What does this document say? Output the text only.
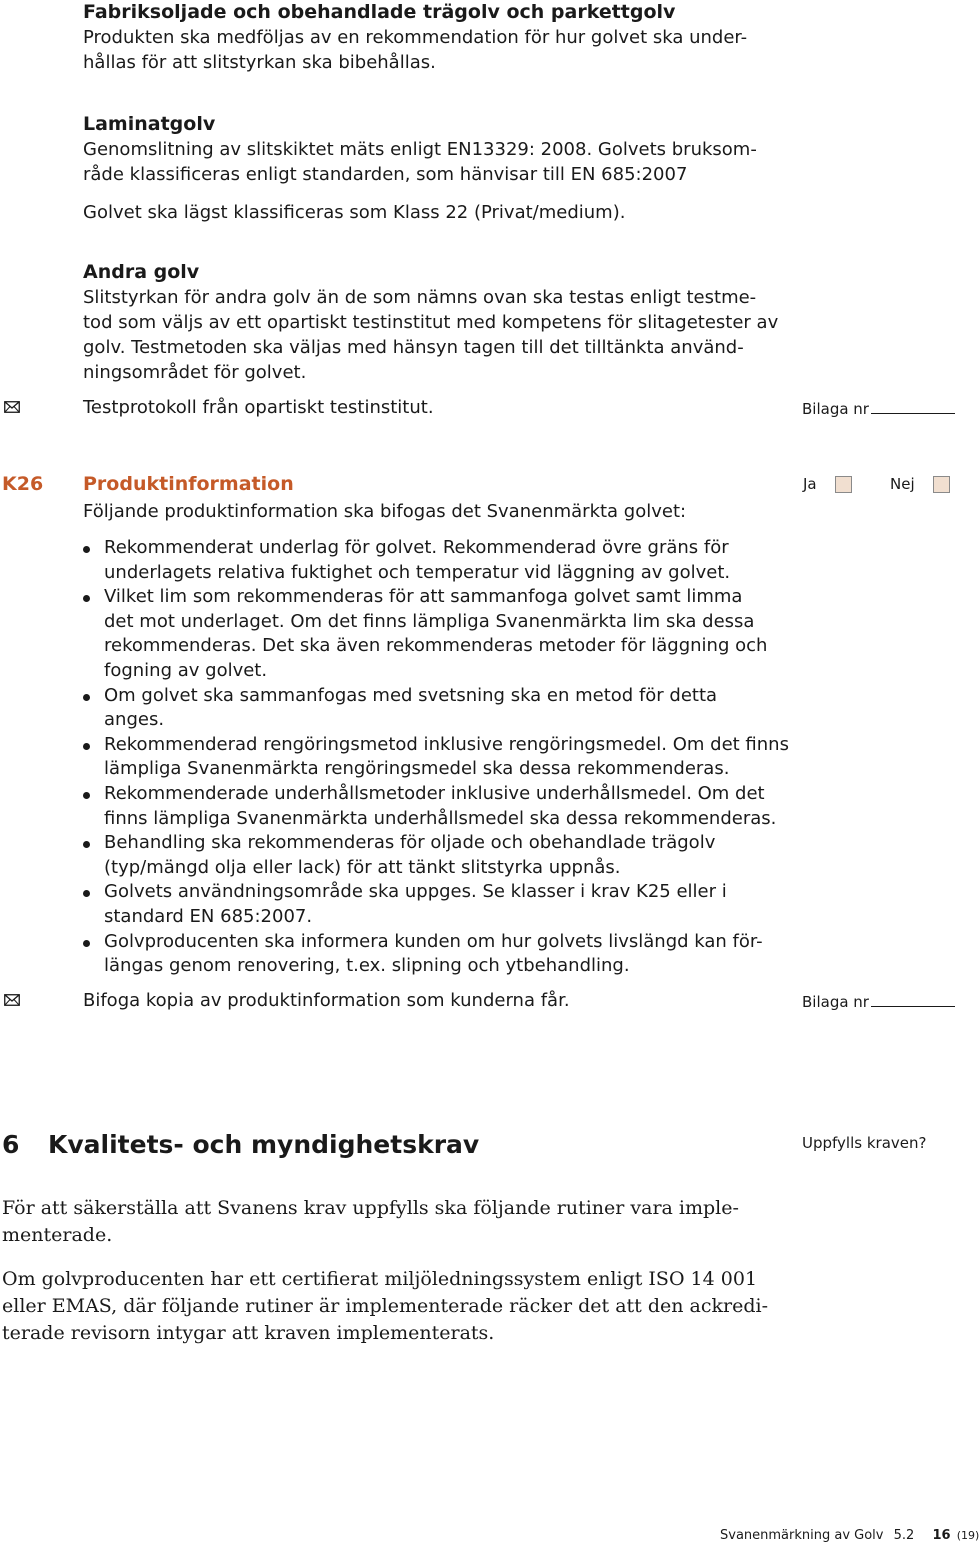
Fabriksoljade och obehandlade trägolv och parkettgolv
Produkten ska medföljas av en rekommendation för hur golvet ska under-
hållas för att slitstyrkan ska bibehållas.
Laminatgolv
Genomslitning av slitskiktet mäts enligt EN13329: 2008. Golvets bruksom-
råde klassificeras enligt standarden, som hänvisar till EN 685:2007
Golvet ska lägst klassificeras som Klass 22 (Privat/medium).
Andra golv
Slitstyrkan för andra golv än de som nämns ovan ska testas enligt testme-
tod som väljs av ett opartiskt testinstitut med kompetens för slitagetester av
golv. Testmetoden ska väljas med hänsyn tagen till det tilltänkta använd-
ningsområdet för golvet.
Testprotokoll från opartiskt testinstitut.	Bilaga nr
K26 Produktinformation	Ja	Nej
Följande produktinformation ska bifogas det Svanenmärkta golvet:
Rekommenderat underlag för golvet. Rekommenderad övre gräns för
underlagets relativa fuktighet och temperatur vid läggning av golvet.
Vilket lim som rekommenderas för att sammanfoga golvet samt limma
det mot underlaget. Om det finns lämpliga Svanenmärkta lim ska dessa
rekommenderas. Det ska även rekommenderas metoder för läggning och
fogning av golvet.
Om golvet ska sammanfogas med svetsning ska en metod för detta
anges.
Rekommenderad rengöringsmetod inklusive rengöringsmedel. Om det finns
lämpliga Svanenmärkta rengöringsmedel ska dessa rekommenderas.
Rekommenderade underhållsmetoder inklusive underhållsmedel. Om det
finns lämpliga Svanenmärkta underhållsmedel ska dessa rekommenderas.
Behandling ska rekommenderas för oljade och obehandlade trägolv
(typ/mängd olja eller lack) för att tänkt slitstyrka uppnås.
Golvets användningsområde ska uppges. Se klasser i krav K25 eller i
standard EN 685:2007.
Golvproducenten ska informera kunden om hur golvets livslängd kan för-
längas genom renovering, t.ex. slipning och ytbehandling.
Bifoga kopia av produktinformation som kunderna får.	Bilaga nr
6 Kvalitets- och myndighetskrav	Uppfylls kraven?
För att säkerställa att Svanens krav uppfylls ska följande rutiner vara imple-
menterade.
Om golvproducenten har ett certifierat miljöledningssystem enligt ISO 14 001
eller EMAS, där följande rutiner är implementerade räcker det att den ackredi-
terade revisorn intygar att kraven implementerats.
Svanenmärkning av Golv 5.2 16 (19)
